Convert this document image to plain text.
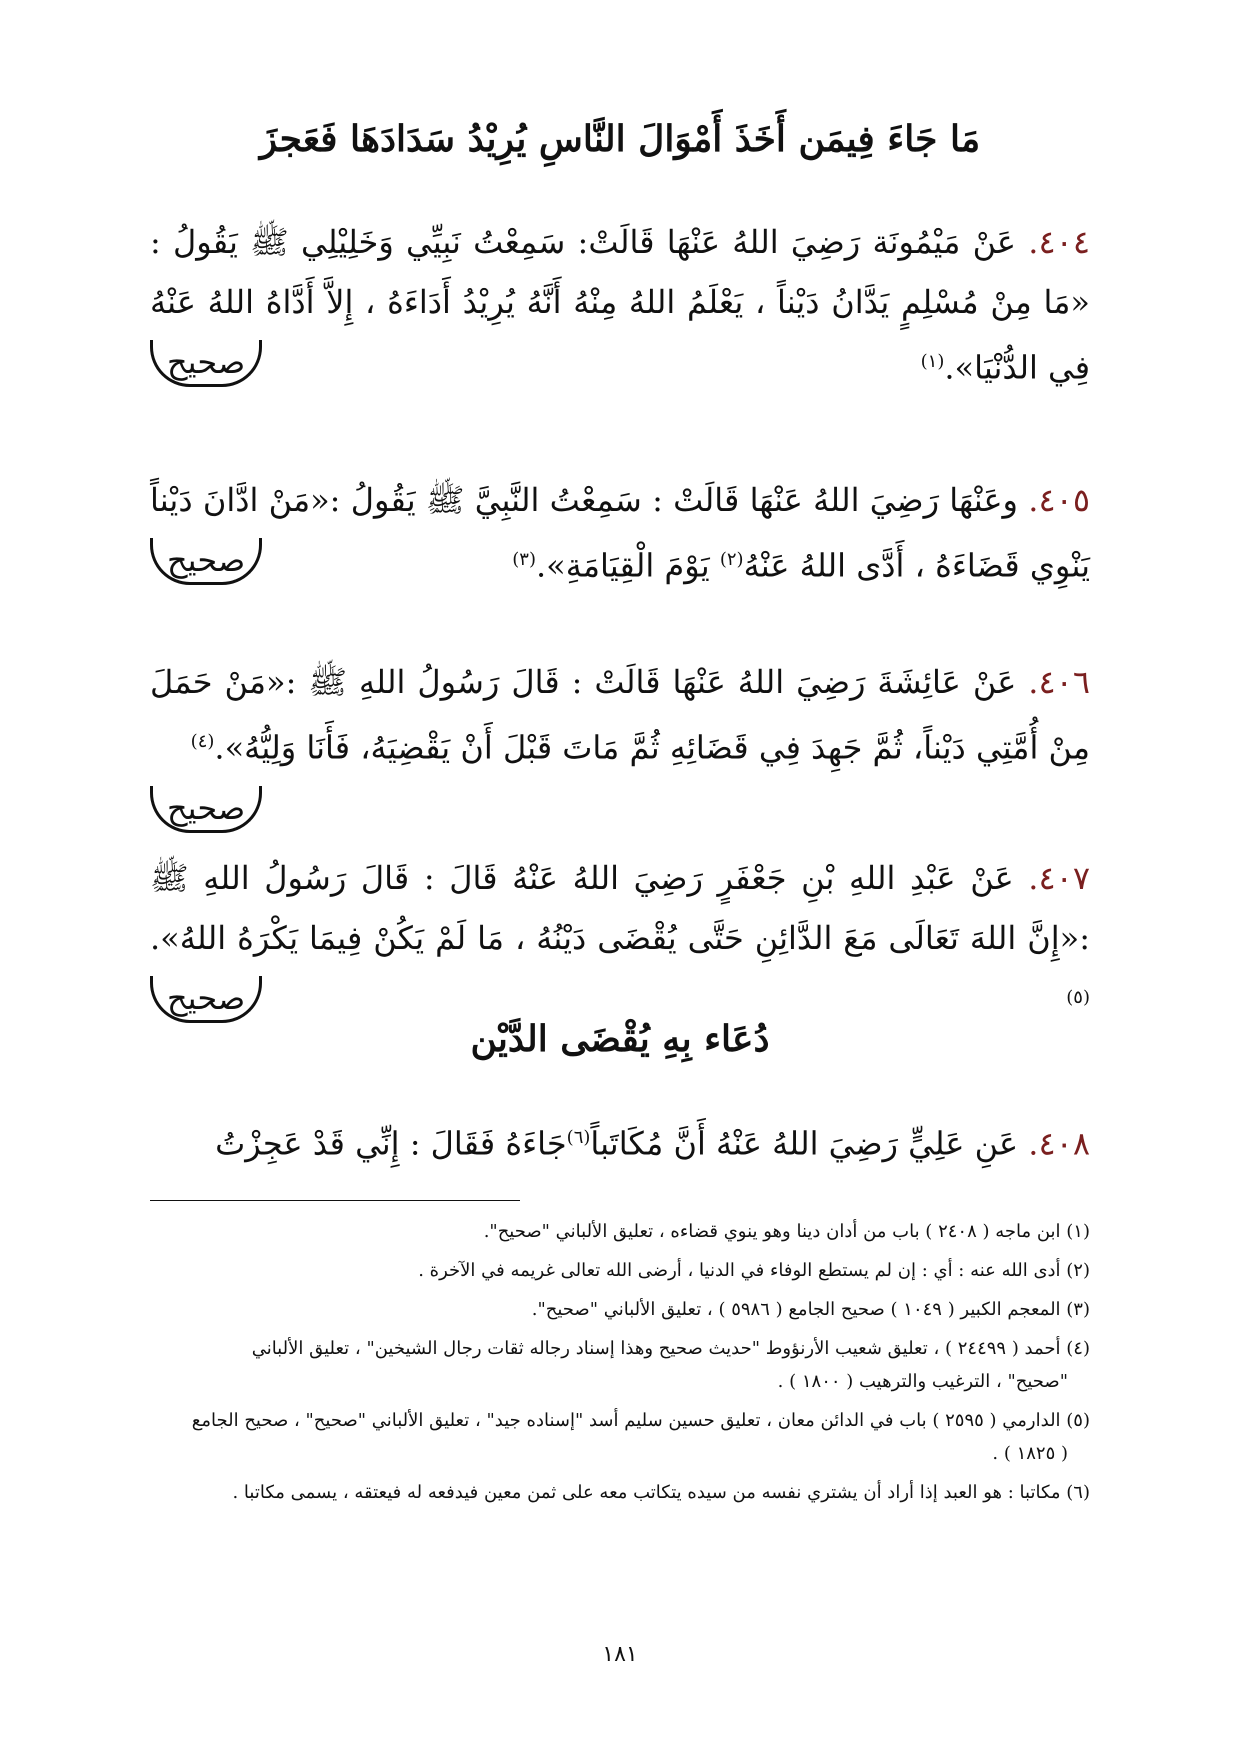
مَا جَاءَ فِيمَن أَخَذَ أَمْوَالَ النَّاسِ يُرِيْدُ سَدَادَهَا فَعَجزَ
٤٠٤. عَنْ مَيْمُونَة رَضِيَ اللهُ عَنْهَا قَالَتْ: سَمِعْتُ نَبِيِّي وَخَلِيْلِي ﷺ يَقُولُ : «مَا مِنْ مُسْلِمٍ يَدَّانُ دَيْناً ، يَعْلَمُ اللهُ مِنْهُ أَنَّهُ يُرِيْدُ أَدَاءَهُ ، إِلاَّ أَدَّاهُ اللهُ عَنْهُ فِي الدُّنْيَا».$^{(١)}$
صحيح
٤٠٥. وعَنْهَا رَضِيَ اللهُ عَنْهَا قَالَتْ : سَمِعْتُ النَّبِيَّ ﷺ يَقُولُ :«مَنْ ادَّانَ دَيْناً يَنْوِي قَضَاءَهُ ، أَدَّى اللهُ عَنْهُ$^{(٢)}$ يَوْمَ الْقِيَامَةِ».$^{(٣)}$
صحيح
٤٠٦. عَنْ عَائِشَةَ رَضِيَ اللهُ عَنْهَا قَالَتْ : قَالَ رَسُولُ اللهِ ﷺ :«مَنْ حَمَلَ مِنْ أُمَّتِي دَيْناً، ثُمَّ جَهِدَ فِي قَضَائِهِ ثُمَّ مَاتَ قَبْلَ أَنْ يَقْضِيَهُ، فَأَنَا وَلِيُّهُ».$^{(٤)}$
صحيح
٤٠٧. عَنْ عَبْدِ اللهِ بْنِ جَعْفَرٍ رَضِيَ اللهُ عَنْهُ قَالَ : قَالَ رَسُولُ اللهِ ﷺ :«إِنَّ اللهَ تَعَالَى مَعَ الدَّائِنِ حَتَّى يُقْضَى دَيْنُهُ ، مَا لَمْ يَكُنْ فِيمَا يَكْرَهُ اللهُ».$^{(٥)}$
صحيح
دُعَاء بِهِ يُقْضَى الدَّيْن
٤٠٨. عَنِ عَلِيٍّ رَضِيَ اللهُ عَنْهُ أَنَّ مُكَاتَباً$^{(٦)}$جَاءَهُ فَقَالَ : إِنِّي قَدْ عَجِزْتُ

(١) ابن ماجه ( ٢٤٠٨ ) باب من أدان دينا وهو ينوي قضاءه ، تعليق الألباني "صحيح".

(٢) أدى الله عنه : أي : إن لم يستطع الوفاء في الدنيا ، أرضى الله تعالى غريمه في الآخرة .

(٣) المعجم الكبير ( ١٠٤٩ ) صحيح الجامع ( ٥٩٨٦ ) ، تعليق الألباني "صحيح".

(٤) أحمد ( ٢٤٤٩٩ ) ، تعليق شعيب الأرنؤوط "حديث صحيح وهذا إسناد رجاله ثقات رجال الشيخين" ، تعليق الألباني

"صحيح" ، الترغيب والترهيب ( ١٨٠٠ ) .

(٥) الدارمي ( ٢٥٩٥ ) باب في الدائن معان ، تعليق حسين سليم أسد "إسناده جيد" ، تعليق الألباني "صحيح" ، صحيح الجامع

( ١٨٢٥ ) .

(٦) مكاتبا : هو العبد إذا أراد أن يشتري نفسه من سيده يتكاتب معه على ثمن معين فيدفعه له فيعتقه ، يسمى مكاتبا .

١٨١
